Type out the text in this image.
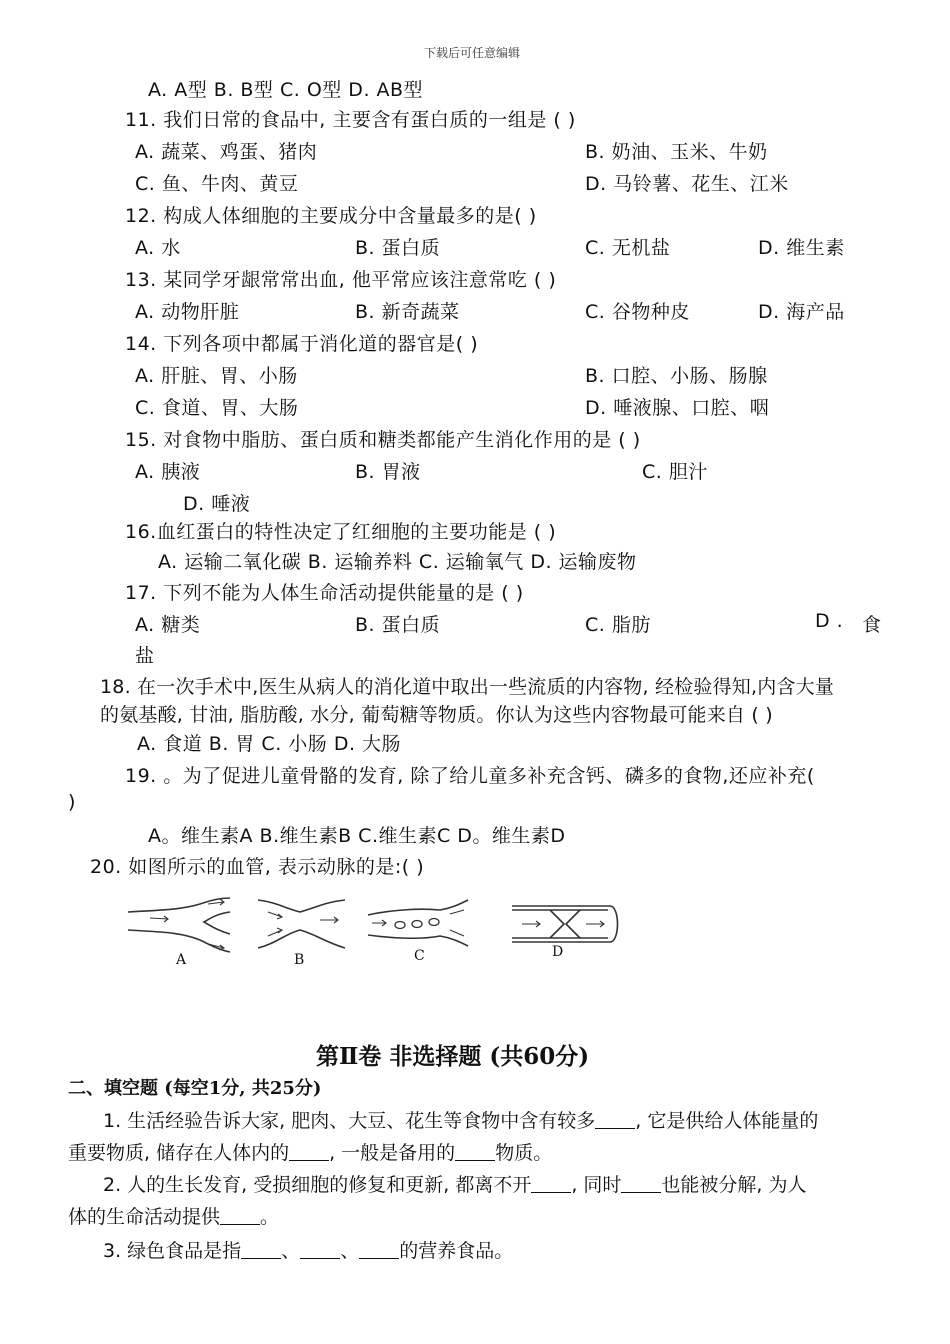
下载后可任意编辑
A. A型 B. B型 C. O型 D. AB型
11. 我们日常的食品中, 主要含有蛋白质的一组是 ( )
A. 蔬菜、鸡蛋、猪肉	B. 奶油、玉米、牛奶
C. 鱼、牛肉、黄豆	D. 马铃薯、花生、江米
12. 构成人体细胞的主要成分中含量最多的是( )
A. 水	B. 蛋白质	C. 无机盐	D. 维生素
13. 某同学牙龈常常出血, 他平常应该注意常吃 ( )
A. 动物肝脏	B. 新奇蔬菜	C. 谷物种皮	D. 海产品
14. 下列各项中都属于消化道的器官是( )
A. 肝脏、胃、小肠	B. 口腔、小肠、肠腺
C. 食道、胃、大肠	D. 唾液腺、口腔、咽
15. 对食物中脂肪、蛋白质和糖类都能产生消化作用的是 ( )
A. 胰液	B. 胃液	C. 胆汁
D. 唾液
16.血红蛋白的特性决定了红细胞的主要功能是 ( )
A. 运输二氧化碳 B. 运输养料 C. 运输氧气 D. 运输废物
17. 下列不能为人体生命活动提供能量的是 ( )
A. 糖类	B. 蛋白质	C. 脂肪	D . 食
盐
18. 在一次手术中,医生从病人的消化道中取出一些流质的内容物, 经检验得知,内含大量
的氨基酸, 甘油, 脂肪酸, 水分, 葡萄糖等物质。你认为这些内容物最可能来自 ( )
A. 食道 B. 胃 C. 小肠 D. 大肠
19. 。为了促进儿童骨骼的发育, 除了给儿童多补充含钙、磷多的食物,还应补充(
)
A。维生素A B.维生素B C.维生素C D。维生素D
20. 如图所示的血管, 表示动脉的是:( )
A	B	C	D
第Ⅱ卷 非选择题 (共60分)
二、填空题 (每空1分, 共25分)
1. 生活经验告诉大家, 肥肉、大豆、花生等食物中含有较多 , 它是供给人体能量的
重要物质, 储存在人体内的 , 一般是备用的 物质。
2. 人的生长发育, 受损细胞的修复和更新, 都离不开 , 同时 也能被分解, 为人
体的生命活动提供 。
3. 绿色食品是指 、 、 的营养食品。
